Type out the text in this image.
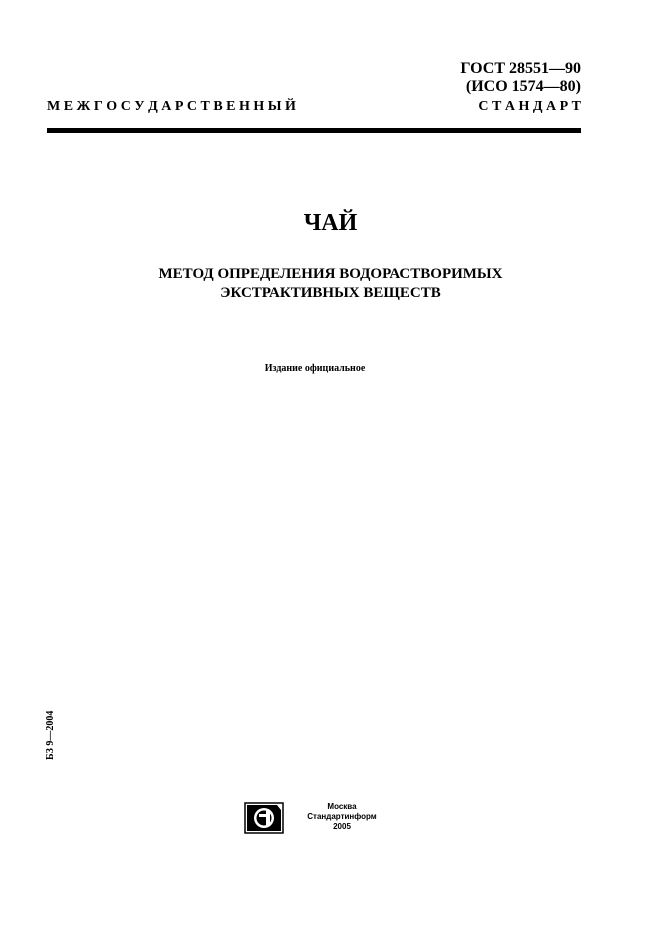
ГОСТ 28551—90
(ИСО 1574—80)
М Е Ж Г О С У Д А Р С Т В Е Н Н Ы Й	С Т А Н Д А Р Т
ЧАЙ
МЕТОД ОПРЕДЕЛЕНИЯ ВОДОРАСТВОРИМЫХ
ЭКСТРАКТИВНЫХ ВЕЩЕСТВ
Издание официальное
БЗ 9—2004
Москва
Стандартинформ
2005
